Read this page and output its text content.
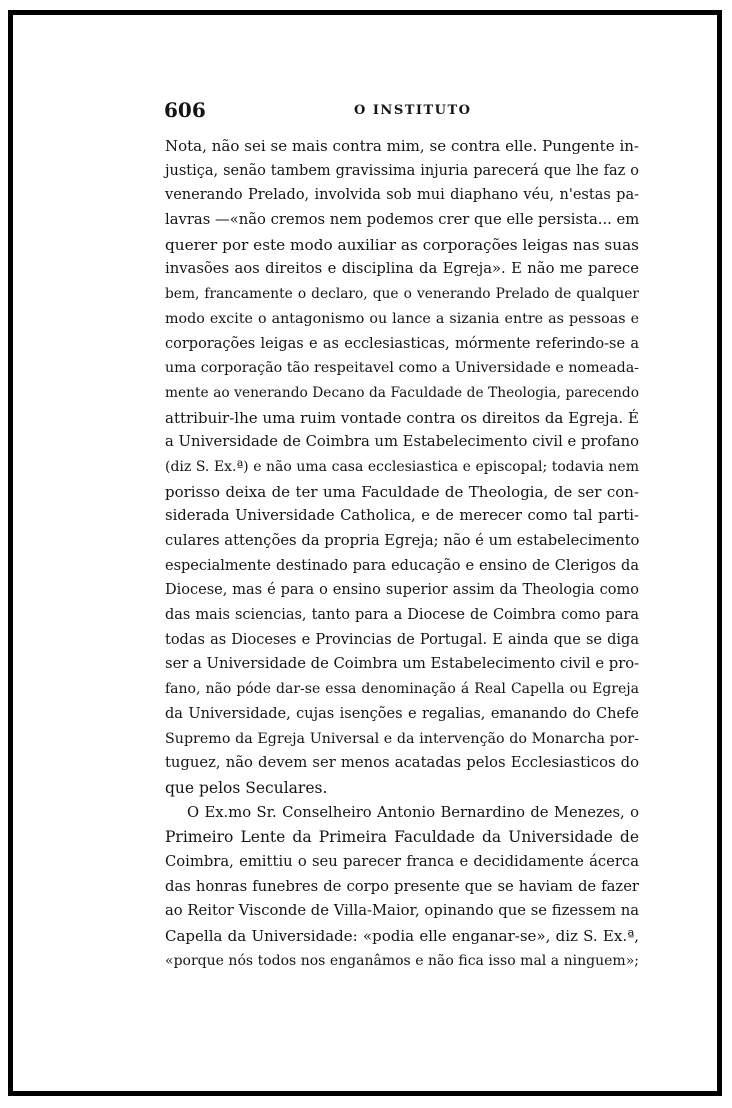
606	O INSTITUTO
Nota, não sei se mais contra mim, se contra elle. Pungente in-
justiça, senão tambem gravissima injuria parecerá que lhe faz o
venerando Prelado, involvida sob mui diaphano véu, n'estas pa-
lavras —«não cremos nem podemos crer que elle persista... em
querer por este modo auxiliar as corporações leigas nas suas
invasões aos direitos e disciplina da Egreja». E não me parece
bem, francamente o declaro, que o venerando Prelado de qualquer
modo excite o antagonismo ou lance a sizania entre as pessoas e
corporações leigas e as ecclesiasticas, mórmente referindo-se a
uma corporação tão respeitavel como a Universidade e nomeada-
mente ao venerando Decano da Faculdade de Theologia, parecendo
attribuir-lhe uma ruim vontade contra os direitos da Egreja. É
a Universidade de Coimbra um Estabelecimento civil e profano
(diz S. Ex.ª) e não uma casa ecclesiastica e episcopal; todavia nem
porisso deixa de ter uma Faculdade de Theologia, de ser con-
siderada Universidade Catholica, e de merecer como tal parti-
culares attenções da propria Egreja; não é um estabelecimento
especialmente destinado para educação e ensino de Clerigos da
Diocese, mas é para o ensino superior assim da Theologia como
das mais sciencias, tanto para a Diocese de Coimbra como para
todas as Dioceses e Provincias de Portugal. E ainda que se diga
ser a Universidade de Coimbra um Estabelecimento civil e pro-
fano, não póde dar-se essa denominação á Real Capella ou Egreja
da Universidade, cujas isenções e regalias, emanando do Chefe
Supremo da Egreja Universal e da intervenção do Monarcha por-
tuguez, não devem ser menos acatadas pelos Ecclesiasticos do
que pelos Seculares.
O Ex.mo Sr. Conselheiro Antonio Bernardino de Menezes, o
Primeiro Lente da Primeira Faculdade da Universidade de
Coimbra, emittiu o seu parecer franca e decididamente ácerca
das honras funebres de corpo presente que se haviam de fazer
ao Reitor Visconde de Villa-Maior, opinando que se fizessem na
Capella da Universidade: «podia elle enganar-se», diz S. Ex.ª,
«porque nós todos nos enganâmos e não fica isso mal a ninguem»;
